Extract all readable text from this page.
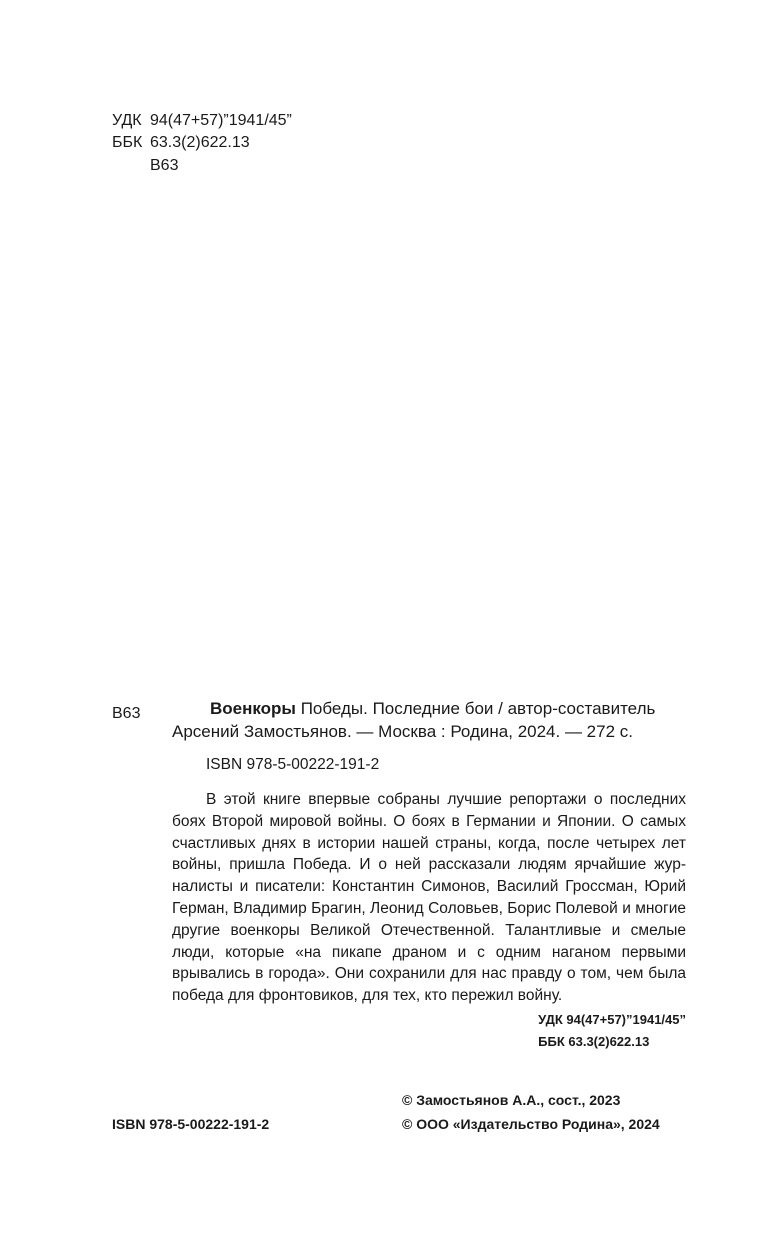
УДК 94(47+57)”1941/45”
ББК 63.3(2)622.13
В63
В63	Военкоры Победы. Последние бои / автор-составитель
Арсений Замостьянов. — Москва : Родина, 2024. — 272 с.
ISBN 978-5-00222-191-2
В этой книге впервые собраны лучшие репортажи о последних боях Второй мировой войны. О боях в Германии и Японии. О самых счастливых днях в истории нашей страны, когда, после четырех лет войны, пришла Победа. И о ней рассказали людям ярчайшие журналисты и писатели: Константин Симонов, Василий Гроссман, Юрий Герман, Владимир Брагин, Леонид Соловьев, Борис Полевой и многие другие военкоры Великой Отечественной. Талантливые и смелые люди, которые «на пикапе драном и с одним наганом первыми врывались в города». Они сохранили для нас правду о том, чем была победа для фронтовиков, для тех, кто пережил войну.
УДК 94(47+57)”1941/45”
ББК 63.3(2)622.13
© Замостьянов А.А., сост., 2023
© ООО «Издательство Родина», 2024
ISBN 978-5-00222-191-2
